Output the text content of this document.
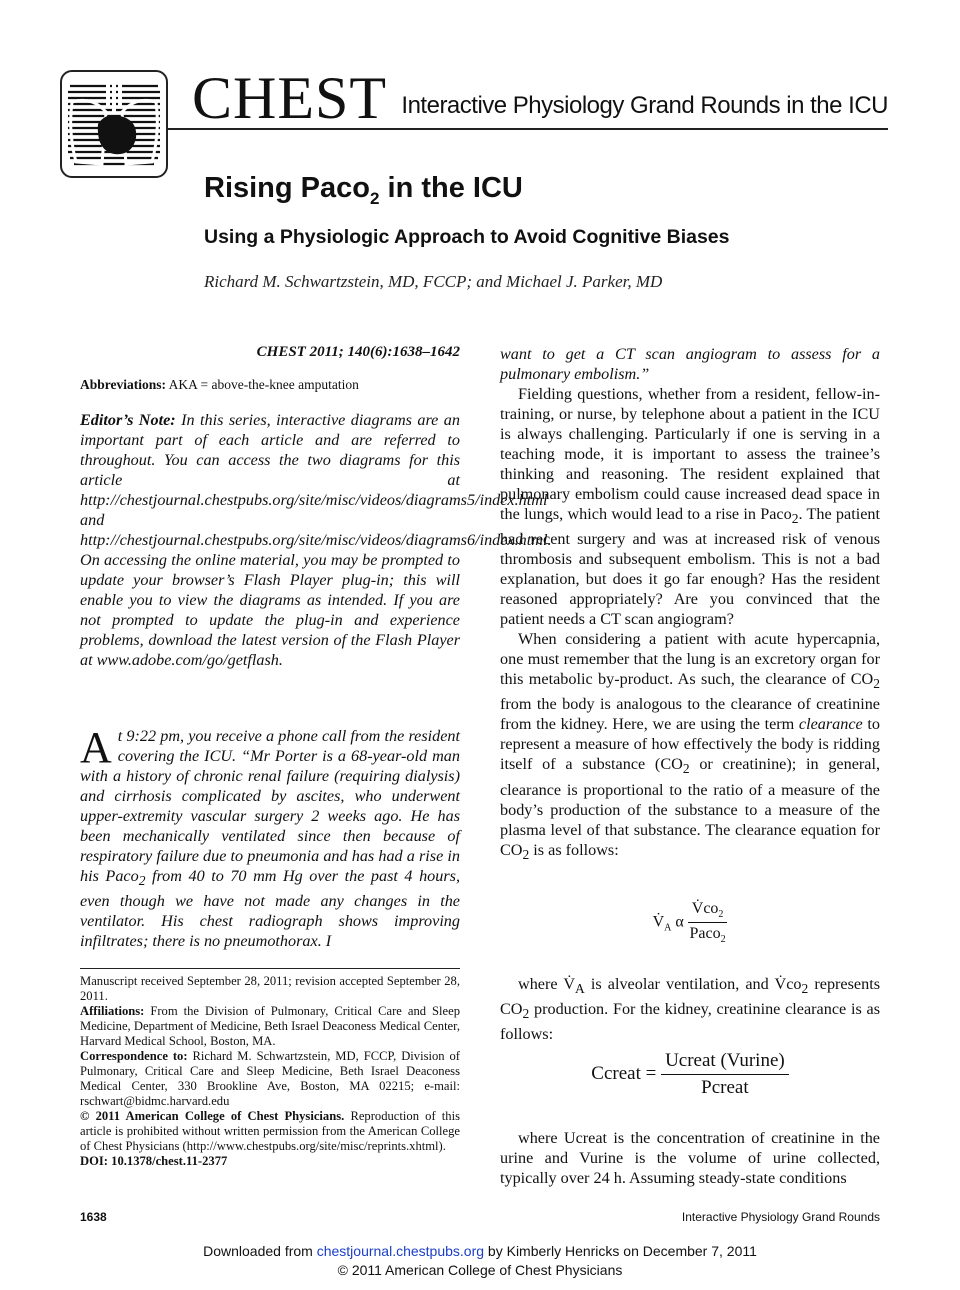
CHEST Interactive Physiology Grand Rounds in the ICU
Rising Paco$_2$ in the ICU
Using a Physiologic Approach to Avoid Cognitive Biases
Richard M. Schwartzstein, MD, FCCP; and Michael J. Parker, MD
CHEST 2011; 140(6):1638–1642
Abbreviations: AKA = above-the-knee amputation

Editor’s Note: In this series, interactive diagrams are an important part of each article and are referred to throughout. You can access the two diagrams for this article at http://chestjournal.chestpubs.org/site/misc/videos/diagrams5/index.html and http://chestjournal.chestpubs.org/site/misc/videos/diagrams6/index.html. On accessing the online material, you may be prompted to update your browser’s Flash Player plug-in; this will enable you to view the diagrams as intended. If you are not prompted to update the plug-in and experience problems, download the latest version of the Flash Player at www.adobe.com/go/getflash.

At 9:22 pm, you receive a phone call from the resident covering the ICU. “Mr Porter is a 68-year-old man with a history of chronic renal failure (requiring dialysis) and cirrhosis complicated by ascites, who underwent upper-extremity vascular surgery 2 weeks ago. He has been mechanically ventilated since then because of respiratory failure due to pneumonia and has had a rise in his Paco$_2$ from 40 to 70 mm Hg over the past 4 hours, even though we have not made any changes in the ventilator. His chest radiograph shows improving infiltrates; there is no pneumothorax. I

Manuscript received September 28, 2011; revision accepted September 28, 2011.

Affiliations: From the Division of Pulmonary, Critical Care and Sleep Medicine, Department of Medicine, Beth Israel Deaconess Medical Center, Harvard Medical School, Boston, MA.

Correspondence to: Richard M. Schwartzstein, MD, FCCP, Division of Pulmonary, Critical Care and Sleep Medicine, Beth Israel Deaconess Medical Center, 330 Brookline Ave, Boston, MA 02215; e-mail: rschwart@bidmc.harvard.edu

© 2011 American College of Chest Physicians. Reproduction of this article is prohibited without written permission from the American College of Chest Physicians (http://www.chestpubs.org/site/misc/reprints.xhtml).

DOI: 10.1378/chest.11-2377

want to get a CT scan angiogram to assess for a pulmonary embolism.”

Fielding questions, whether from a resident, fellow-in-training, or nurse, by telephone about a patient in the ICU is always challenging. Particularly if one is serving in a teaching mode, it is important to assess the trainee’s thinking and reasoning. The resident explained that pulmonary embolism could cause increased dead space in the lungs, which would lead to a rise in Paco$_2$. The patient had recent surgery and was at increased risk of venous thrombosis and subsequent embolism. This is not a bad explanation, but does it go far enough? Has the resident reasoned appropriately? Are you convinced that the patient needs a CT scan angiogram?

When considering a patient with acute hypercapnia, one must remember that the lung is an excretory organ for this metabolic by-product. As such, the clearance of $CO_2$ from the body is analogous to the clearance of creatinine from the kidney. Here, we are using the term clearance to represent a measure of how effectively the body is ridding itself of a substance ($CO_2$ or creatinine); in general, clearance is proportional to the ratio of a measure of the body’s production of the substance to a measure of the plasma level of that substance. The clearance equation for $CO_2$ is as follows:

$V̇_A$ α $\frac{V̇co_2}{Paco_2}$

where $V̇_A$ is alveolar ventilation, and $V̇co_2$ represents $CO_2$ production. For the kidney, creatinine clearance is as follows:

Ccreat = $\frac{\text{Ucreat (Vurine)}}{\text{Pcreat}}$

where Ucreat is the concentration of creatinine in the urine and Vurine is the volume of urine collected, typically over 24 h. Assuming steady-state conditions

1638	Interactive Physiology Grand Rounds
Downloaded from chestjournal.chestpubs.org by Kimberly Henricks on December 7, 2011
© 2011 American College of Chest Physicians
